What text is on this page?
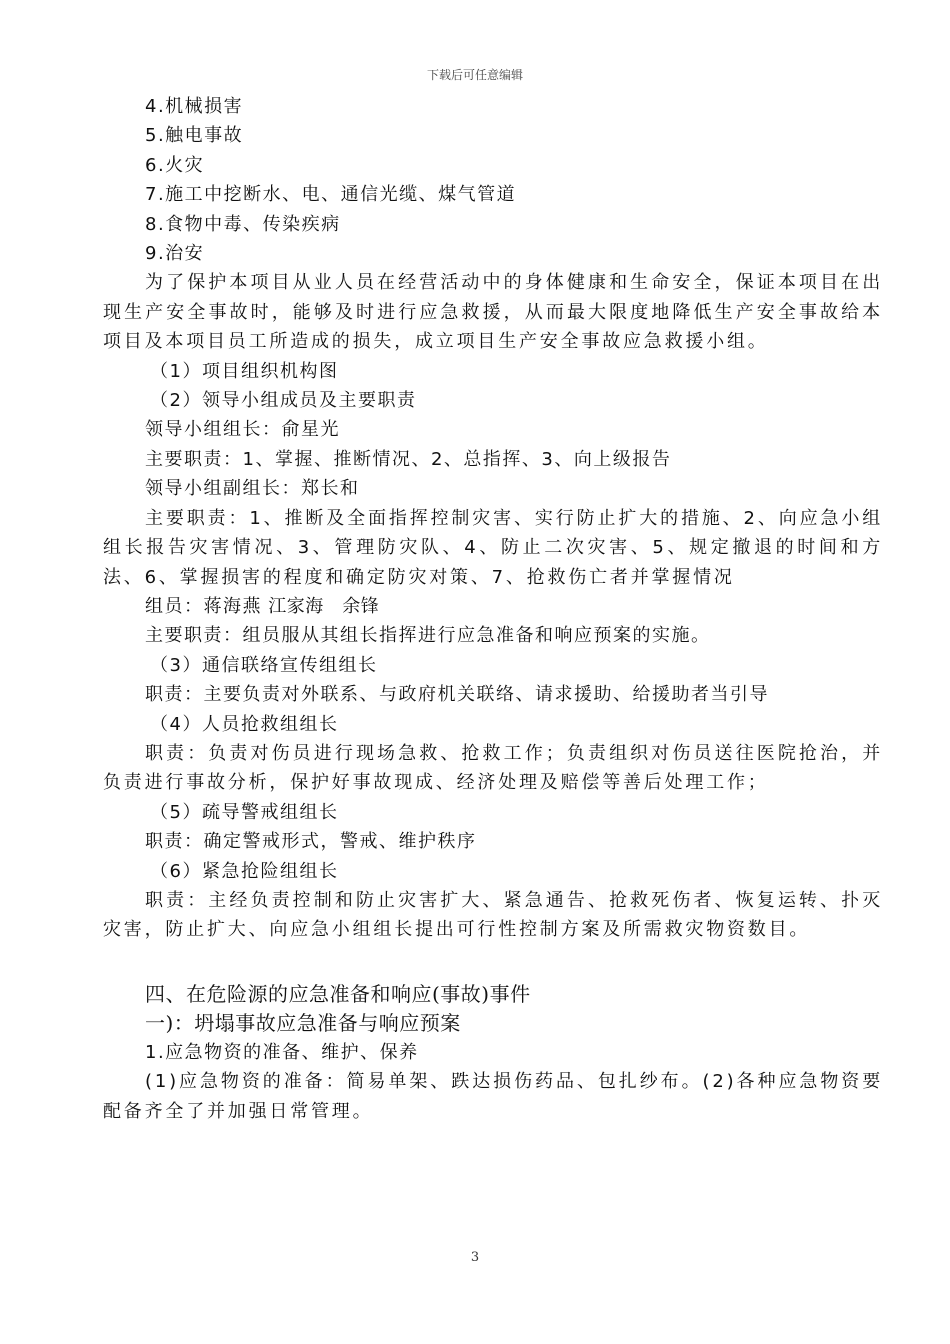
下载后可任意编辑
4.机械损害
5.触电事故
6.火灾
7.施工中挖断水、电、通信光缆、煤气管道
8.食物中毒、传染疾病
9.治安
为了保护本项目从业人员在经营活动中的身体健康和生命安全，保证本项目在出现生产安全事故时，能够及时进行应急救援，从而最大限度地降低生产安全事故给本项目及本项目员工所造成的损失，成立项目生产安全事故应急救援小组。
（1）项目组织机构图
（2）领导小组成员及主要职责
领导小组组长：俞星光
主要职责：1、掌握、推断情况、2、总指挥、3、向上级报告
领导小组副组长：郑长和
主要职责：1、推断及全面指挥控制灾害、实行防止扩大的措施、2、向应急小组组长报告灾害情况、3、管理防灾队、4、防止二次灾害、5、规定撤退的时间和方法、6、掌握损害的程度和确定防灾对策、7、抢救伤亡者并掌握情况
组员：蒋海燕 江家海　余锋
主要职责：组员服从其组长指挥进行应急准备和响应预案的实施。
（3）通信联络宣传组组长
职责：主要负责对外联系、与政府机关联络、请求援助、给援助者当引导
（4）人员抢救组组长
职责：负责对伤员进行现场急救、抢救工作；负责组织对伤员送往医院抢治，并负责进行事故分析，保护好事故现成、经济处理及赔偿等善后处理工作；
（5）疏导警戒组组长
职责：确定警戒形式，警戒、维护秩序
（6）紧急抢险组组长
职责：主经负责控制和防止灾害扩大、紧急通告、抢救死伤者、恢复运转、扑灭灾害，防止扩大、向应急小组组长提出可行性控制方案及所需救灾物资数目。
四、在危险源的应急准备和响应(事故)事件
一)：坍塌事故应急准备与响应预案
1.应急物资的准备、维护、保养
(1)应急物资的准备：简易单架、跌达损伤药品、包扎纱布。(2)各种应急物资要配备齐全了并加强日常管理。
3
